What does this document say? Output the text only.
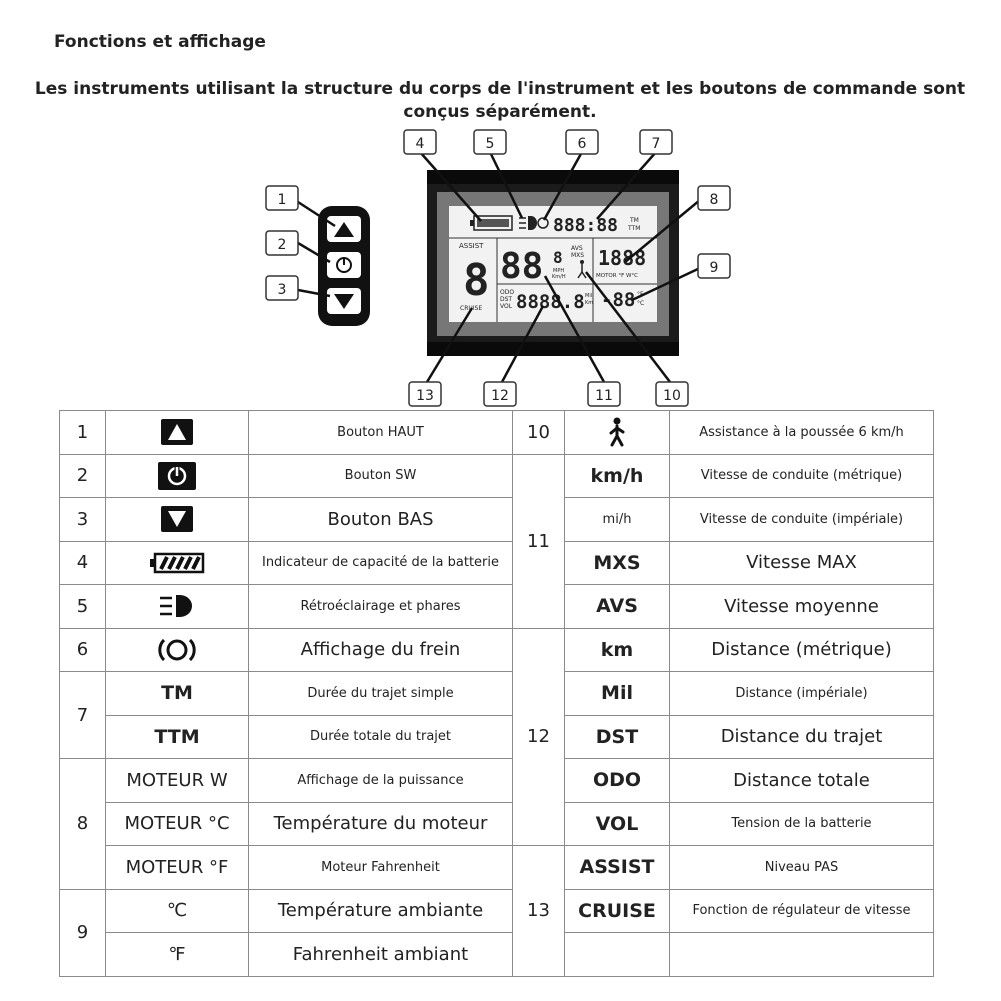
Fonctions et affichage
Les instruments utilisant la structure du corps de l'instrument et les boutons de commande sont conçus séparément.
888:88 TM
TTM
ASSIST
8
CRUISE
88 8 AVS
MXS
MPH
Km/H
1888
MOTOR °F W°C
ODO
DST
VOL 8888.8 Mil
Km -88 °F
°C
1
2
3
4	5	6	7
8
9
10
11
12
13
1		Bouton HAUT	10		Assistance à la poussée 6 km/h
2		Bouton SW	11	km/h	Vitesse de conduite (métrique)
3		Bouton BAS		mi/h	Vitesse de conduite (impériale)
4		Indicateur de capacité de la batterie		MXS	Vitesse MAX
5		Rétroéclairage et phares		AVS	Vitesse moyenne
6		Affichage du frein	12	km	Distance (métrique)
7	TM	Durée du trajet simple		Mil	Distance (impériale)
	TTM	Durée totale du trajet		DST	Distance du trajet
8	MOTEUR W	Affichage de la puissance		ODO	Distance totale
	MOTEUR °C	Température du moteur		VOL	Tension de la batterie
	MOTEUR °F	Moteur Fahrenheit	13	ASSIST	Niveau PAS
9	℃	Température ambiante		CRUISE	Fonction de régulateur de vitesse
	℉	Fahrenheit ambiant			
